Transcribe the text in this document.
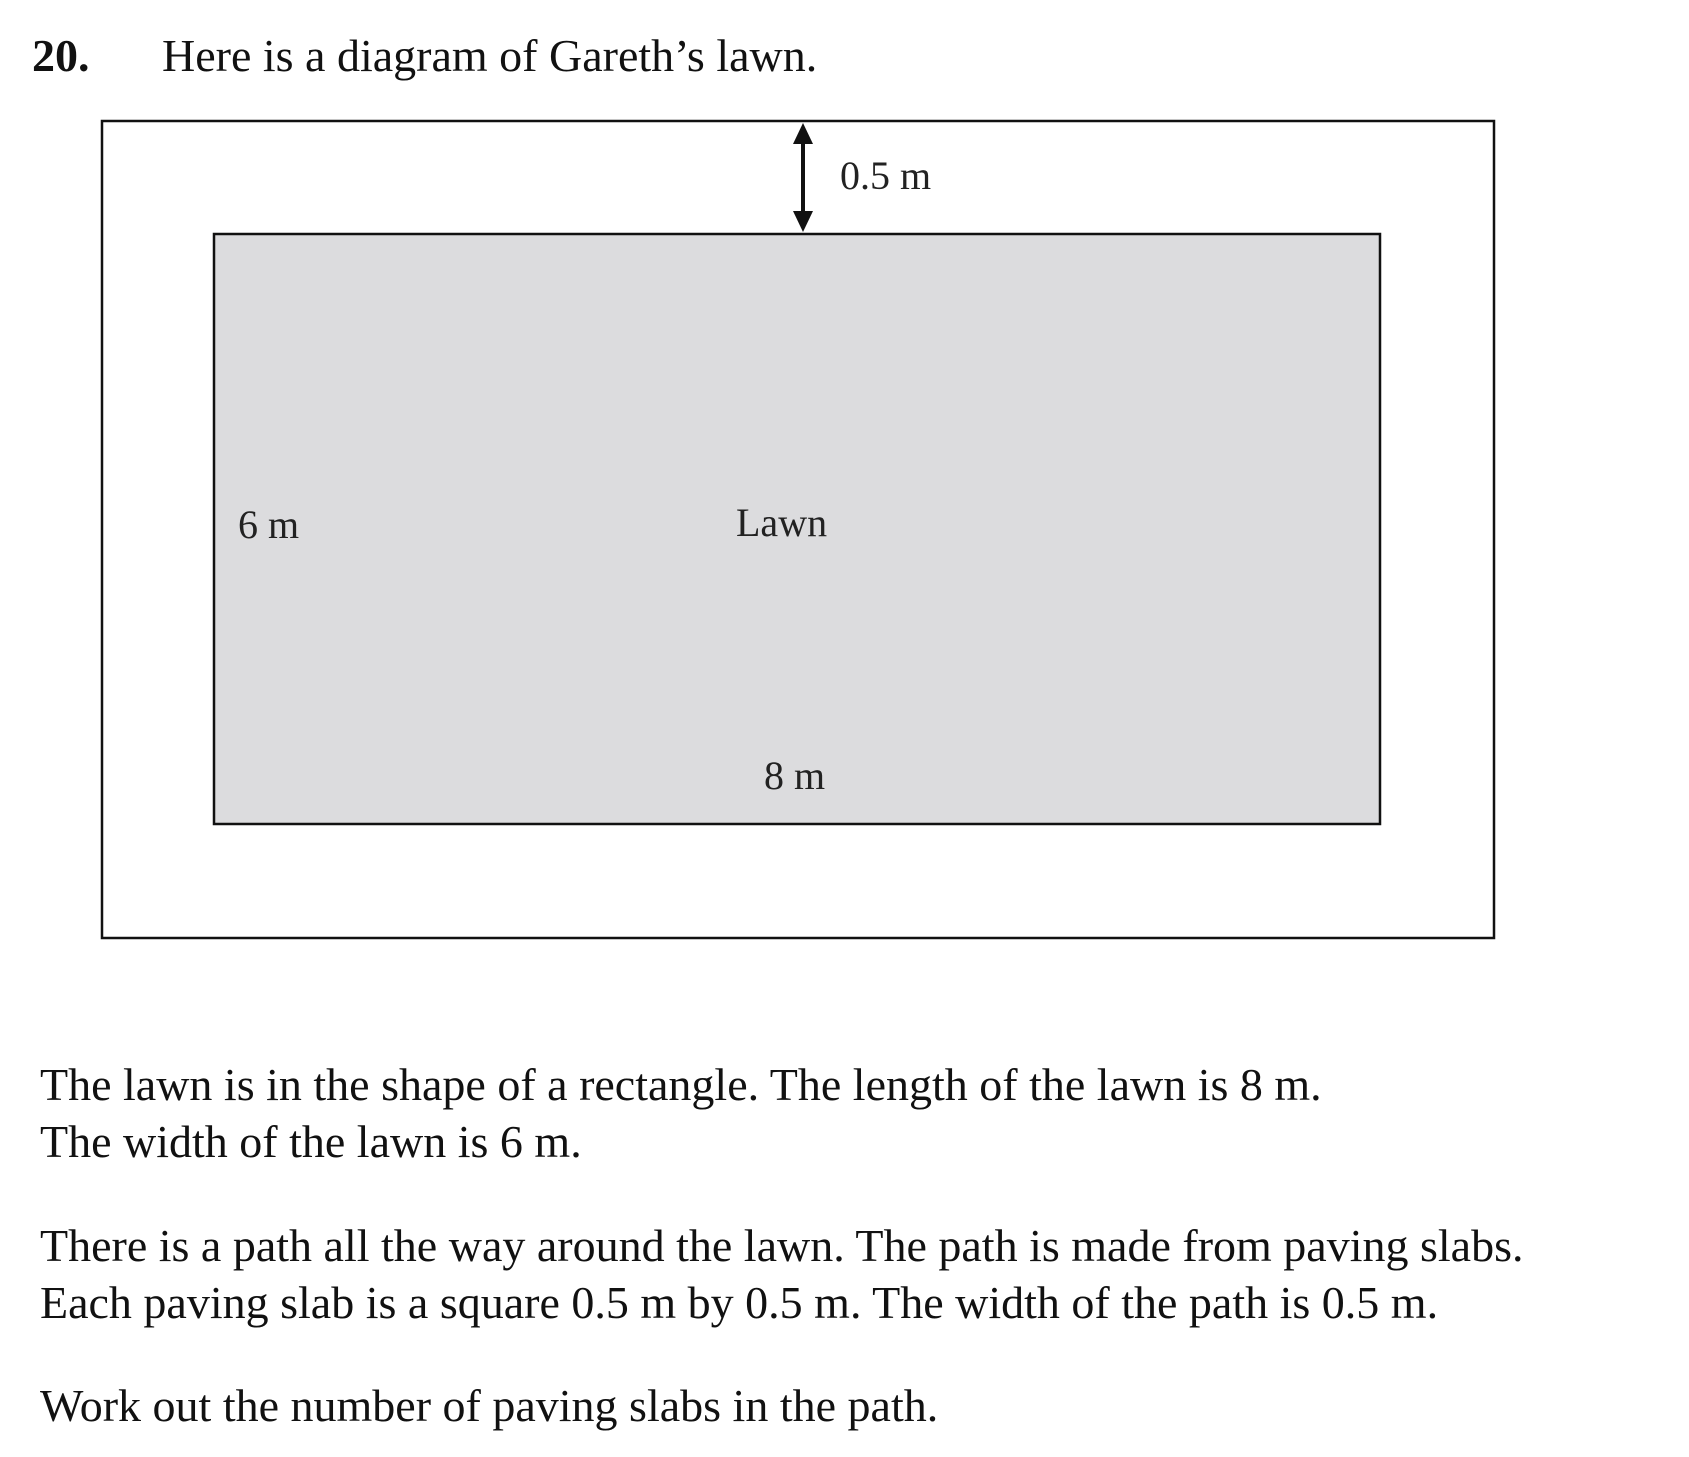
20. Here is a diagram of Gareth’s lawn.
0.5 m
Lawn
6 m
8 m
The lawn is in the shape of a rectangle. The length of the lawn is 8 m.
The width of the lawn is 6 m.
There is a path all the way around the lawn. The path is made from paving slabs.
Each paving slab is a square 0.5 m by 0.5 m. The width of the path is 0.5 m.
Work out the number of paving slabs in the path.
